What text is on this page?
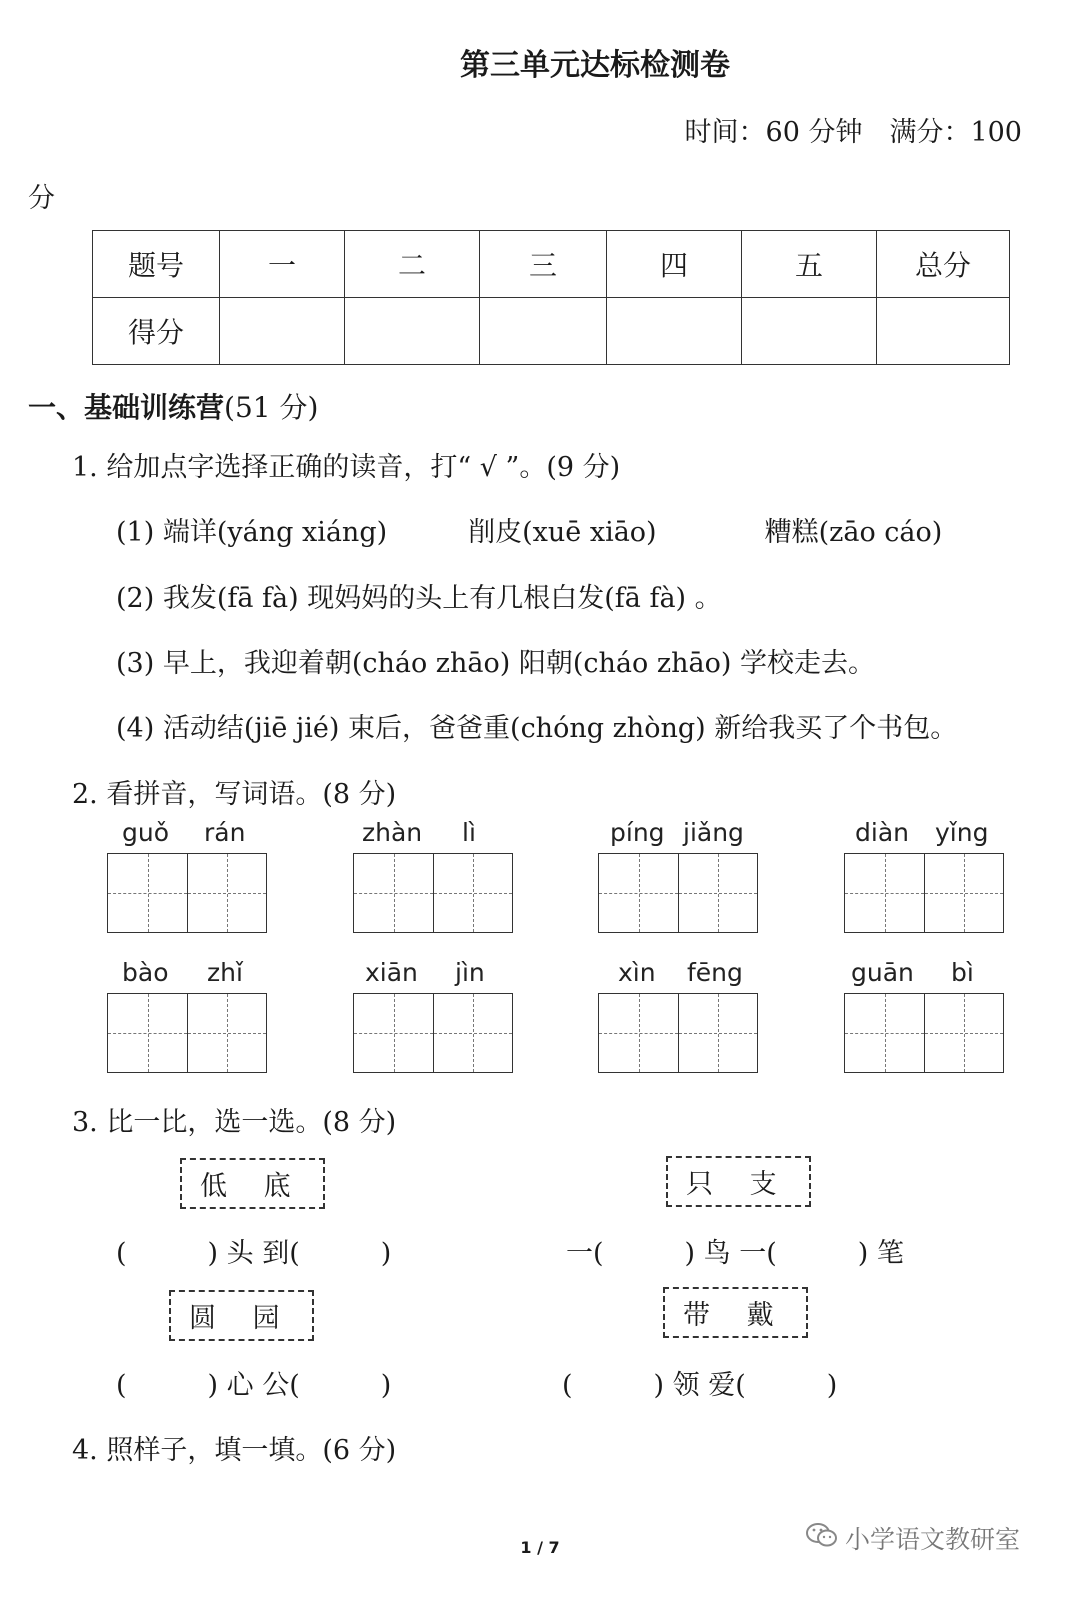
第三单元达标检测卷
时间：60 分钟　满分：100
分
题号	一	二	三	四	五	总分
得分						
一、基础训练营(51 分)
1. 给加点字选择正确的读音，打“ √ ”。(9 分)
(1) 端详(yáng xiáng)　　　削皮(xuē xiāo)　　　　糟糕(zāo cáo)
(2) 我发(fā fà) 现妈妈的头上有几根白发(fā fà) 。
(3) 早上，我迎着朝(cháo zhāo) 阳朝(cháo zhāo) 学校走去。
(4) 活动结(jiē jié) 束后，爸爸重(chóng zhòng) 新给我买了个书包。
2. 看拼音，写词语。(8 分)
guǒ rán	zhàn lì	píng jiǎng	diàn yǐng
bào zhǐ	xiān jìn	xìn fēng	guān bì
3. 比一比，选一选。(8 分)
低 底	只 支
(　　　) 头 到(　　　)	一(　　　) 鸟 一(　　　) 笔
圆 园	带 戴
(　　　) 心 公(　　　)	(　　　) 领 爱(　　　)
4. 照样子，填一填。(6 分)
1 / 7	小学语文教研室
